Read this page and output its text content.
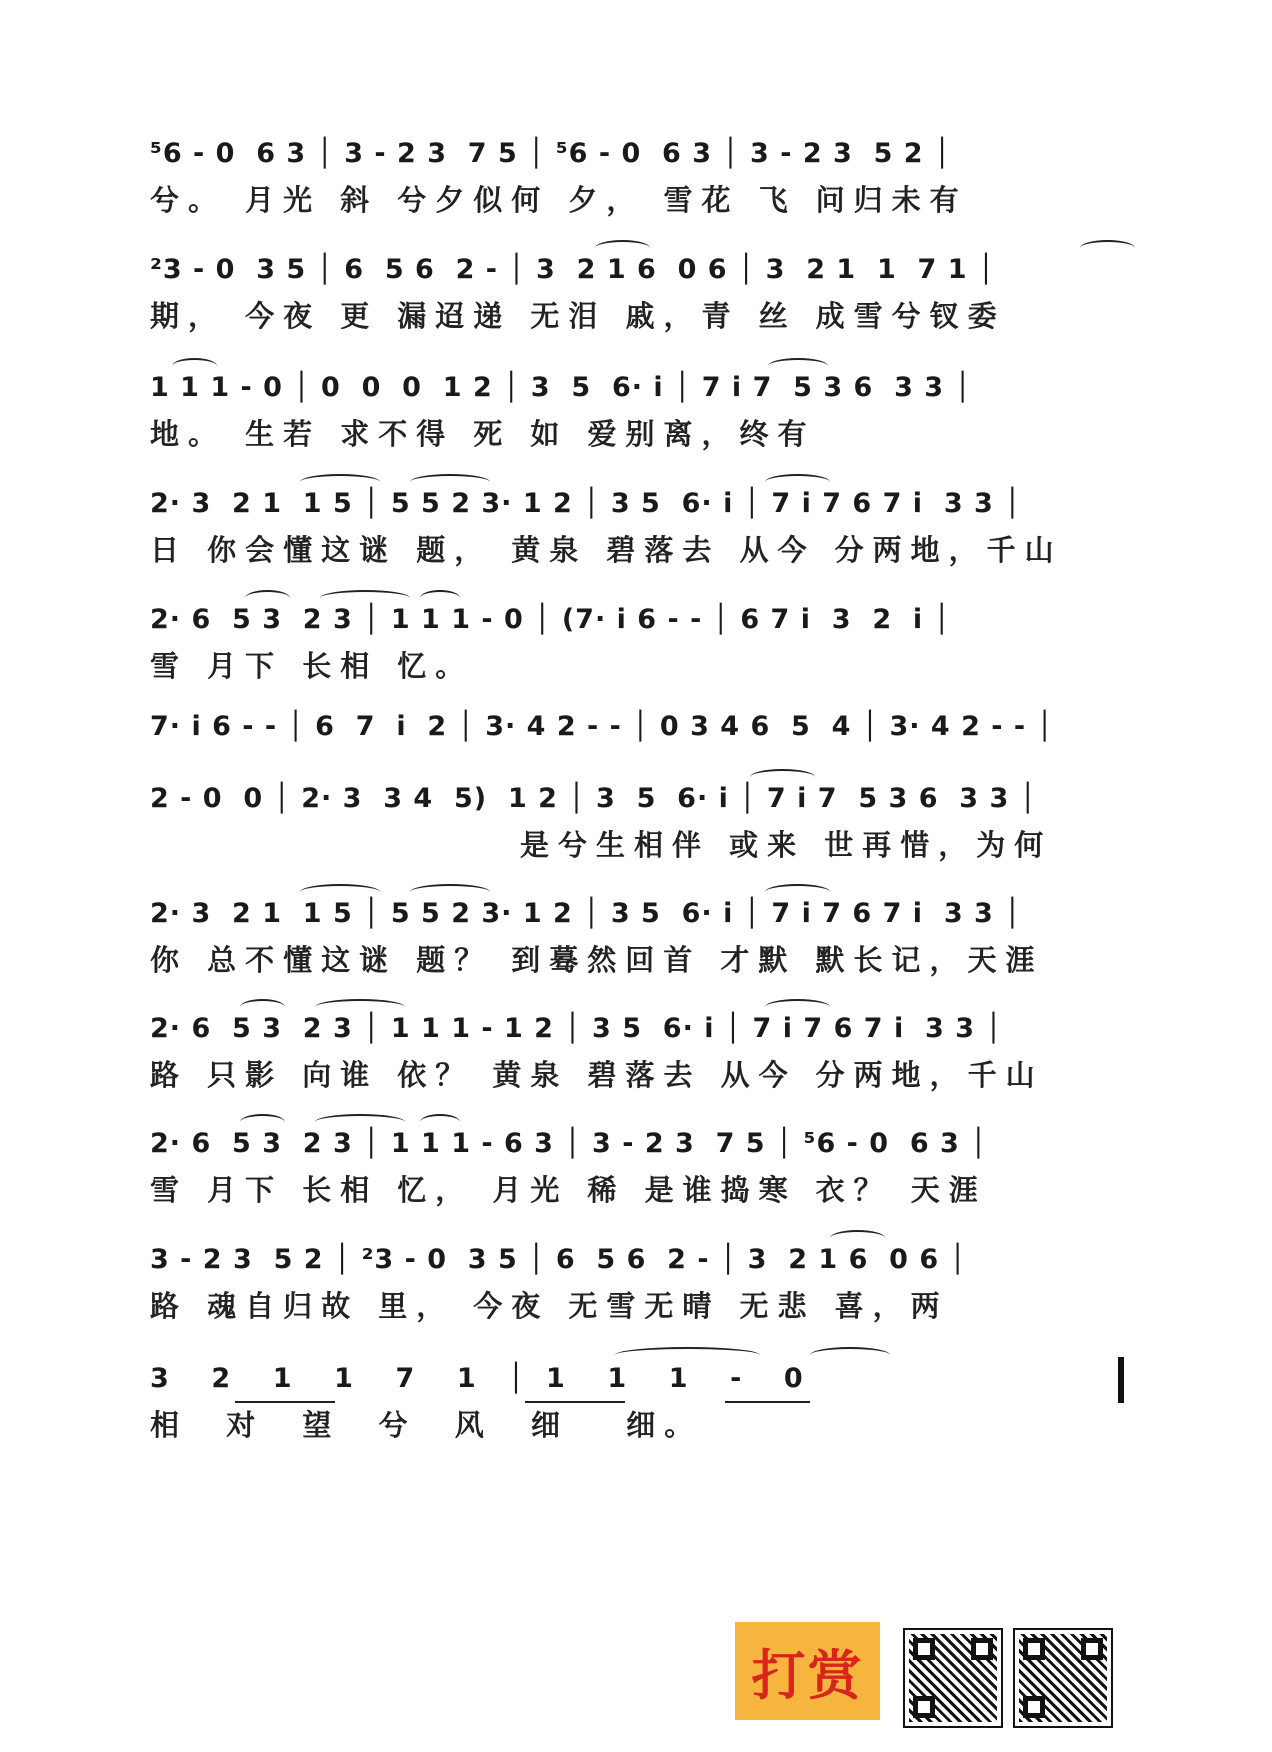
⁵6 - 0  6 3 │ 3 - 2 3  7 5 │ ⁵6 - 0  6 3 │ 3 - 2 3  5 2 │
兮。 月光 斜 兮夕似何 夕， 雪花 飞 问归未有
²3 - 0  3 5 │ 6  5 6  2 - │ 3  2 1 6  0 6 │ 3  2 1  1  7 1 │
期， 今夜 更 漏迢递 无泪 戚，青 丝 成雪兮钗委
1 1 1 - 0 │ 0  0  0  1 2 │ 3  5  6· i │ 7 i 7  5 3 6  3 3 │
地。 生若 求不得 死 如 爱别离，终有
2· 3  2 1  1 5 │ 5 5 2 3· 1 2 │ 3 5  6· i │ 7 i 7 6 7 i  3 3 │
日 你会懂这谜 题， 黄泉 碧落去 从今 分两地，千山
2· 6  5 3  2 3 │ 1 1 1 - 0 │ (7· i 6 - - │ 6 7 i  3  2  i │
雪 月下 长相 忆。
7· i 6 - - │ 6  7  i  2 │ 3· 4 2 - - │ 0 3 4 6  5  4 │ 3· 4 2 - - │
2 - 0  0 │ 2· 3  3 4  5)  1 2 │ 3  5  6· i │ 7 i 7  5 3 6  3 3 │
是兮生相伴 或来 世再惜，为何
2· 3  2 1  1 5 │ 5 5 2 3· 1 2 │ 3 5  6· i │ 7 i 7 6 7 i  3 3 │
你 总不懂这谜 题？ 到蓦然回首 才默 默长记，天涯
2· 6  5 3  2 3 │ 1 1 1 - 1 2 │ 3 5  6· i │ 7 i 7 6 7 i  3 3 │
路 只影 向谁 依？ 黄泉 碧落去 从今 分两地，千山
2· 6  5 3  2 3 │ 1 1 1 - 6 3 │ 3 - 2 3  7 5 │ ⁵6 - 0  6 3 │
雪 月下 长相 忆， 月光 稀 是谁捣寒 衣？ 天涯
3 - 2 3  5 2 │ ²3 - 0  3 5 │ 6  5 6  2 - │ 3  2 1 6  0 6 │
路 魂自归故 里， 今夜 无雪无晴 无悲 喜，两
3    2    1    1    7    1   │  1    1    1    -    0
相  对  望  兮  风  细   细。
打赏
